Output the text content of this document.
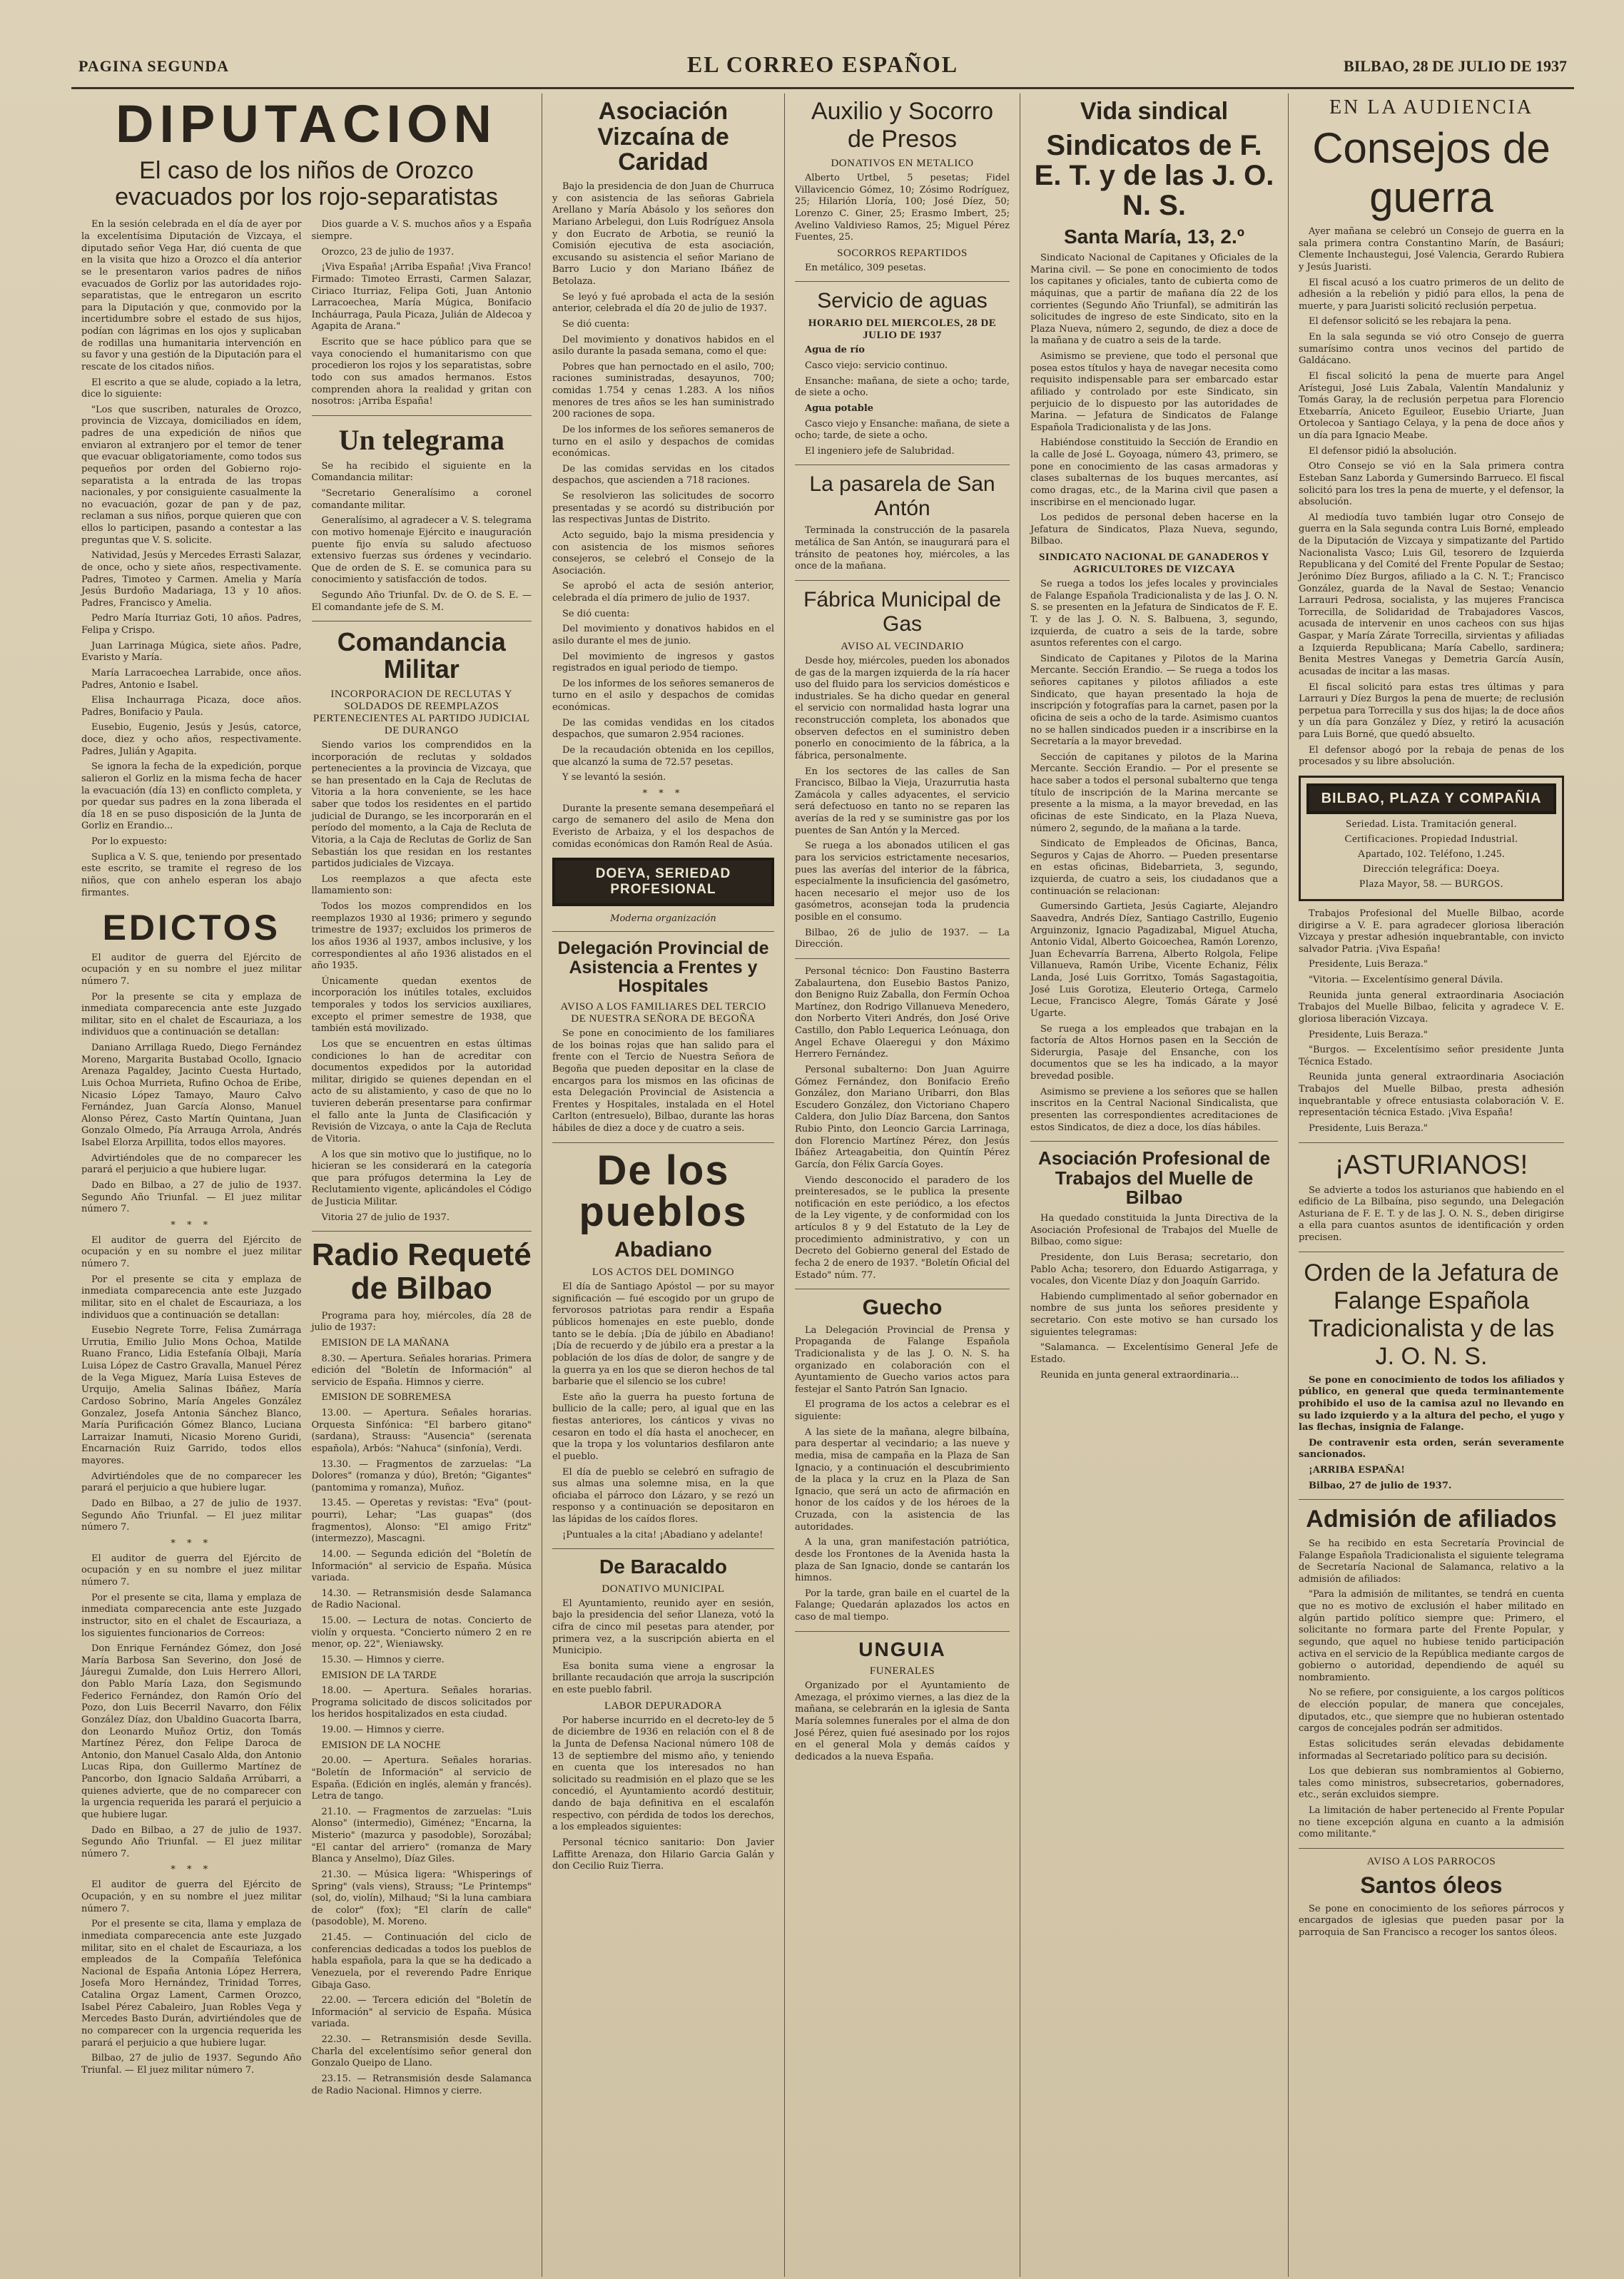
PAGINA SEGUNDA	EL CORREO ESPAÑOL	BILBAO, 28 DE JULIO DE 1937
DIPUTACION
El caso de los niños de Orozco evacuados por los rojo-separatistas

En la sesión celebrada en el día de ayer por la excelentísima Diputación de Vizcaya, el diputado señor Vega Har, dió cuenta de que en la visita que hizo a Orozco el día anterior se le presentaron varios padres de niños evacuados de Gorliz por las autoridades rojo-separatistas, que le entregaron un escrito para la Diputación y que, conmovido por la incertidumbre sobre el estado de sus hijos, podían con lágrimas en los ojos y suplicaban de rodillas una humanitaria intervención en su favor y una gestión de la Diputación para el rescate de los citados niños.

El escrito a que se alude, copiado a la letra, dice lo siguiente:

"Los que suscriben, naturales de Orozco, provincia de Vizcaya, domiciliados en ídem, padres de una expedición de niños que enviaron al extranjero por el temor de tener que evacuar obligatoriamente, como todos sus pequeños por orden del Gobierno rojo-separatista a la entrada de las tropas nacionales, y por consiguiente casualmente la no evacuación, gozar de pan y de paz, reclaman a sus niños, porque quieren que con ellos lo participen, pasando a contestar a las preguntas que V. S. solicite.

Natividad, Jesús y Mercedes Errasti Salazar, de once, ocho y siete años, respectivamente. Padres, Timoteo y Carmen. Amelia y María Jesús Burdoño Madariaga, 13 y 10 años. Padres, Francisco y Amelia.

Pedro María Iturriaz Goti, 10 años. Padres, Felipa y Crispo.

Juan Larrinaga Múgica, siete años. Padre, Evaristo y María.

María Larracoechea Larrabide, once años. Padres, Antonio e Isabel.

Elisa Inchaurraga Picaza, doce años. Padres, Bonifacio y Paula.

Eusebio, Eugenio, Jesús y Jesús, catorce, doce, diez y ocho años, respectivamente. Padres, Julián y Agapita.

Se ignora la fecha de la expedición, porque salieron el Gorliz en la misma fecha de hacer la evacuación (día 13) en conflicto completa, y por quedar sus padres en la zona liberada el día 18 en se puso disposición de la Junta de Gorliz en Erandio...

Por lo expuesto:

Suplica a V. S. que, teniendo por presentado este escrito, se tramite el regreso de los niños, que con anhelo esperan los abajo firmantes.

EDICTOS

El auditor de guerra del Ejército de ocupación y en su nombre el juez militar número 7.

Por la presente se cita y emplaza de inmediata comparecencia ante este Juzgado militar, sito en el chalet de Escauriaza, a los individuos que a continuación se detallan:

Daniano Arrillaga Ruedo, Diego Fernández Moreno, Margarita Bustabad Ocollo, Ignacio Arenaza Pagaldey, Jacinto Cuesta Hurtado, Luis Ochoa Murrieta, Rufino Ochoa de Eribe, Nicasio López Tamayo, Mauro Calvo Fernández, Juan García Alonso, Manuel Alonso Pérez, Casto Martín Quintana, Juan Gonzalo Olmedo, Pía Arrauga Arrola, Andrés Isabel Elorza Arpillita, todos ellos mayores.

Advirtiéndoles que de no comparecer les parará el perjuicio a que hubiere lugar.

Dado en Bilbao, a 27 de julio de 1937. Segundo Año Triunfal. — El juez militar número 7.

* * *

El auditor de guerra del Ejército de ocupación y en su nombre el juez militar número 7.

Por el presente se cita y emplaza de inmediata comparecencia ante este Juzgado militar, sito en el chalet de Escauriaza, a los individuos que a continuación se detallan:

Eusebio Negrete Torre, Felisa Zumárraga Urrutia, Emilio Julio Mons Ochoa, Matilde Ruano Franco, Lidia Estefanía Olbaji, María Luisa López de Castro Gravalla, Manuel Pérez de la Vega Miguez, María Luisa Esteves de Urquijo, Amelia Salinas Ibáñez, María Cardoso Sobrino, María Angeles González Gonzalez, Josefa Antonia Sánchez Blanco, María Purificación Gómez Blanco, Luciana Larraizar Inamuti, Nicasio Moreno Guridi, Encarnación Ruiz Garrido, todos ellos mayores.

Advirtiéndoles que de no comparecer les parará el perjuicio a que hubiere lugar.

Dado en Bilbao, a 27 de julio de 1937. Segundo Año Triunfal. — El juez militar número 7.

* * *

El auditor de guerra del Ejército de ocupación y en su nombre el juez militar número 7.

Por el presente se cita, llama y emplaza de inmediata comparecencia ante este Juzgado instructor, sito en el chalet de Escauriaza, a los siguientes funcionarios de Correos:

Don Enrique Fernández Gómez, don José María Barbosa San Severino, don José de Jáuregui Zumalde, don Luis Herrero Allori, don Pablo María Laza, don Segismundo Federico Fernández, don Ramón Orío del Pozo, don Luis Becerril Navarro, don Félix González Díaz, don Ubaldino Guacorta Ibarra, don Leonardo Muñoz Ortiz, don Tomás Martínez Pérez, don Felipe Daroca de Antonio, don Manuel Casalo Alda, don Antonio Lucas Ripa, don Guillermo Martínez de Pancorbo, don Ignacio Saldaña Arrúbarri, a quienes advierte, que de no comparecer con la urgencia requerida les parará el perjuicio a que hubiere lugar.

Dado en Bilbao, a 27 de julio de 1937. Segundo Año Triunfal. — El juez militar número 7.

* * *

El auditor de guerra del Ejército de Ocupación, y en su nombre el juez militar número 7.

Por el presente se cita, llama y emplaza de inmediata comparecencia ante este Juzgado militar, sito en el chalet de Escauriaza, a los empleados de la Compañía Telefónica Nacional de España Antonia López Herrera, Josefa Moro Hernández, Trinidad Torres, Catalina Orgaz Lament, Carmen Orozco, Isabel Pérez Cabaleiro, Juan Robles Vega y Mercedes Basto Durán, advirtiéndoles que de no comparecer con la urgencia requerida les parará el perjuicio a que hubiere lugar.

Bilbao, 27 de julio de 1937. Segundo Año Triunfal. — El juez militar número 7.

Dios guarde a V. S. muchos años y a España siempre.

Orozco, 23 de julio de 1937.

¡Viva España! ¡Arriba España! ¡Viva Franco! Firmado: Timoteo Errasti, Carmen Salazar, Ciriaco Iturriaz, Felipa Goti, Juan Antonio Larracoechea, María Múgica, Bonifacio Incháurraga, Paula Picaza, Julián de Aldecoa y Agapita de Arana."

Escrito que se hace público para que se vaya conociendo el humanitarismo con que procedieron los rojos y los separatistas, sobre todo con sus amados hermanos. Estos comprenden ahora la realidad y gritan con nosotros: ¡Arriba España!

Un telegrama

Se ha recibido el siguiente en la Comandancia militar:

"Secretario Generalísimo a coronel comandante militar.

Generalísimo, al agradecer a V. S. telegrama con motivo homenaje Ejército e inauguración puente fijo envía su saludo afectuoso extensivo fuerzas sus órdenes y vecindario. Que de orden de S. E. se comunica para su conocimiento y satisfacción de todos.

Segundo Año Triunfal. Dv. de O. de S. E. — El comandante jefe de S. M.

Comandancia Militar
INCORPORACION DE RECLUTAS Y SOLDADOS DE REEMPLAZOS PERTENECIENTES AL PARTIDO JUDICIAL DE DURANGO

Siendo varios los comprendidos en la incorporación de reclutas y soldados pertenecientes a la provincia de Vizcaya, que se han presentado en la Caja de Reclutas de Vitoria a la hora conveniente, se les hace saber que todos los residentes en el partido judicial de Durango, se les incorporarán en el período del momento, a la Caja de Recluta de Vitoria, a la Caja de Reclutas de Gorliz de San Sebastián los que residan en los restantes partidos judiciales de Vizcaya.

Los reemplazos a que afecta este llamamiento son:

Todos los mozos comprendidos en los reemplazos 1930 al 1936; primero y segundo trimestre de 1937; excluidos los primeros de los años 1936 al 1937, ambos inclusive, y los correspondientes al año 1936 alistados en el año 1935.

Únicamente quedan exentos de incorporación los inútiles totales, excluidos temporales y todos los servicios auxiliares, excepto el primer semestre de 1938, que también está movilizado.

Los que se encuentren en estas últimas condiciones lo han de acreditar con documentos expedidos por la autoridad militar, dirigido se quienes dependan en el acto de su alistamiento, y caso de que no lo tuvieren deberán presentarse para confirmar el fallo ante la Junta de Clasificación y Revisión de Vizcaya, o ante la Caja de Recluta de Vitoria.

A los que sin motivo que lo justifique, no lo hicieran se les considerará en la categoría que para prófugos determina la Ley de Reclutamiento vigente, aplicándoles el Código de Justicia Militar.

Vitoria 27 de julio de 1937.

Radio Requeté de Bilbao

Programa para hoy, miércoles, día 28 de julio de 1937:

EMISION DE LA MAÑANA

8.30. — Apertura. Señales horarias. Primera edición del "Boletín de Información" al servicio de España. Himnos y cierre.

EMISION DE SOBREMESA

13.00. — Apertura. Señales horarias. Orquesta Sinfónica: "El barbero gitano" (sardana), Strauss: "Ausencia" (serenata española), Arbós: "Nahuca" (sinfonía), Verdi.

13.30. — Fragmentos de zarzuelas: "La Dolores" (romanza y dúo), Bretón; "Gigantes" (pantomima y romanza), Muñoz.

13.45. — Operetas y revistas: "Eva" (pout-pourri), Lehar; "Las guapas" (dos fragmentos), Alonso: "El amigo Fritz" (intermezzo), Mascagni.

14.00. — Segunda edición del "Boletín de Información" al servicio de España. Música variada.

14.30. — Retransmisión desde Salamanca de Radio Nacional.

15.00. — Lectura de notas. Concierto de violín y orquesta. "Concierto número 2 en re menor, op. 22", Wieniawsky.

15.30. — Himnos y cierre.

EMISION DE LA TARDE

18.00. — Apertura. Señales horarias. Programa solicitado de discos solicitados por los heridos hospitalizados en esta ciudad.

19.00. — Himnos y cierre.

EMISION DE LA NOCHE

20.00. — Apertura. Señales horarias. "Boletín de Información" al servicio de España. (Edición en inglés, alemán y francés). Letra de tango.

21.10. — Fragmentos de zarzuelas: "Luis Alonso" (intermedio), Giménez; "Encarna, la Misterio" (mazurca y pasodoble), Sorozábal; "El cantar del arriero" (romanza de Mary Blanca y Anselmo), Díaz Giles.

21.30. — Música ligera: "Whisperings of Spring" (vals viens), Strauss; "Le Printemps" (sol, do, violín), Milhaud; "Si la luna cambiara de color" (fox); "El clarín de calle" (pasodoble), M. Moreno.

21.45. — Continuación del ciclo de conferencias dedicadas a todos los pueblos de habla española, para la que se ha dedicado a Venezuela, por el reverendo Padre Enrique Gibaja Gaso.

22.00. — Tercera edición del "Boletín de Información" al servicio de España. Música variada.

22.30. — Retransmisión desde Sevilla. Charla del excelentísimo señor general don Gonzalo Queipo de Llano.

23.15. — Retransmisión desde Salamanca de Radio Nacional. Himnos y cierre.

Asociación Vizcaína de Caridad

Bajo la presidencia de don Juan de Churruca y con asistencia de las señoras Gabriela Arellano y María Abásolo y los señores don Mariano Arbelegui, don Luis Rodríguez Ansola y don Eucrato de Arbotia, se reunió la Comisión ejecutiva de esta asociación, excusando su asistencia el señor Mariano de Barro Lucio y don Mariano Ibáñez de Betolaza.

Se leyó y fué aprobada el acta de la sesión anterior, celebrada el día 20 de julio de 1937.

Se dió cuenta:

Del movimiento y donativos habidos en el asilo durante la pasada semana, como el que:

Pobres que han pernoctado en el asilo, 700; raciones suministradas, desayunos, 700; comidas 1.754 y cenas 1.283. A los niños menores de tres años se les han suministrado 200 raciones de sopa.

De los informes de los señores semaneros de turno en el asilo y despachos de comidas económicas.

De las comidas servidas en los citados despachos, que ascienden a 718 raciones.

Se resolvieron las solicitudes de socorro presentadas y se acordó su distribución por las respectivas Juntas de Distrito.

Acto seguido, bajo la misma presidencia y con asistencia de los mismos señores consejeros, se celebró el Consejo de la Asociación.

Se aprobó el acta de sesión anterior, celebrada el día primero de julio de 1937.

Se dió cuenta:

Del movimiento y donativos habidos en el asilo durante el mes de junio.

Del movimiento de ingresos y gastos registrados en igual periodo de tiempo.

De los informes de los señores semaneros de turno en el asilo y despachos de comidas económicas.

De las comidas vendidas en los citados despachos, que sumaron 2.954 raciones.

De la recaudación obtenida en los cepillos, que alcanzó la suma de 72.57 pesetas.

Y se levantó la sesión.

* * *

Durante la presente semana desempeñará el cargo de semanero del asilo de Mena don Everisto de Arbaiza, y el los despachos de comidas económicas don Ramón Real de Asúa.

DOEYA, SERIEDAD PROFESIONAL
Moderna organización
Delegación Provincial de Asistencia a Frentes y Hospitales
AVISO A LOS FAMILIARES DEL TERCIO DE NUESTRA SEÑORA DE BEGOÑA

Se pone en conocimiento de los familiares de los boinas rojas que han salido para el frente con el Tercio de Nuestra Señora de Begoña que pueden depositar en la clase de encargos para los mismos en las oficinas de esta Delegación Provincial de Asistencia a Frentes y Hospitales, instalada en el Hotel Carlton (entresuelo), Bilbao, durante las horas hábiles de diez a doce y de cuatro a seis.

De los pueblos
Abadiano
LOS ACTOS DEL DOMINGO

El día de Santiago Apóstol — por su mayor significación — fué escogido por un grupo de fervorosos patriotas para rendir a España públicos homenajes en este pueblo, donde tanto se le debía. ¡Día de júbilo en Abadiano! ¡Día de recuerdo y de júbilo era a prestar a la población de los días de dolor, de sangre y de la guerra ya en los que se dieron hechos de tal barbarie que el silencio se los cubre!

Este año la guerra ha puesto fortuna de bullicio de la calle; pero, al igual que en las fiestas anteriores, los cánticos y vivas no cesaron en todo el día hasta el anochecer, en que la tropa y los voluntarios desfilaron ante el pueblo.

El día de pueblo se celebró en sufragio de sus almas una solemne misa, en la que oficiaba el párroco don Lázaro, y se rezó un responso y a continuación se depositaron en las lápidas de los caídos flores.

¡Puntuales a la cita! ¡Abadiano y adelante!

De Baracaldo
DONATIVO MUNICIPAL

El Ayuntamiento, reunido ayer en sesión, bajo la presidencia del señor Llaneza, votó la cifra de cinco mil pesetas para atender, por primera vez, a la suscripción abierta en el Municipio.

Esa bonita suma viene a engrosar la brillante recaudación que arroja la suscripción en este pueblo fabril.

LABOR DEPURADORA

Por haberse incurrido en el decreto-ley de 5 de diciembre de 1936 en relación con el 8 de la Junta de Defensa Nacional número 108 de 13 de septiembre del mismo año, y teniendo en cuenta que los interesados no han solicitado su readmisión en el plazo que se les concedió, el Ayuntamiento acordó destituir, dando de baja definitiva en el escalafón respectivo, con pérdida de todos los derechos, a los empleados siguientes:

Personal técnico sanitario: Don Javier Laffitte Arenaza, don Hilario Garcia Galán y don Cecilio Ruiz Tierra.

Auxilio y Socorro de Presos
DONATIVOS EN METALICO

Alberto Urtbel, 5 pesetas; Fidel Villavicencio Gómez, 10; Zósimo Rodríguez, 25; Hilarión Lloría, 100; José Díez, 50; Lorenzo C. Giner, 25; Erasmo Imbert, 25; Avelino Valdivieso Ramos, 25; Miguel Pérez Fuentes, 25.

SOCORROS REPARTIDOS

En metálico, 309 pesetas.

Servicio de aguas
HORARIO DEL MIERCOLES, 28 DE JULIO DE 1937

Agua de río

Casco viejo: servicio continuo.

Ensanche: mañana, de siete a ocho; tarde, de siete a ocho.

Agua potable

Casco viejo y Ensanche: mañana, de siete a ocho; tarde, de siete a ocho.

El ingeniero jefe de Salubridad.

La pasarela de San Antón

Terminada la construcción de la pasarela metálica de San Antón, se inaugurará para el tránsito de peatones hoy, miércoles, a las once de la mañana.

Fábrica Municipal de Gas
AVISO AL VECINDARIO

Desde hoy, miércoles, pueden los abonados de gas de la margen izquierda de la ría hacer uso del fluido para los servicios domésticos e industriales. Se ha dicho quedar en general el servicio con normalidad hasta lograr una reconstrucción completa, los abonados que observen defectos en el suministro deben ponerlo en conocimiento de la fábrica, a la fábrica, personalmente.

En los sectores de las calles de San Francisco, Bilbao la Vieja, Urazurrutia hasta Zamácola y calles adyacentes, el servicio será defectuoso en tanto no se reparen las averías de la red y se suministre gas por los puentes de San Antón y la Merced.

Se ruega a los abonados utilicen el gas para los servicios estrictamente necesarios, pues las averías del interior de la fábrica, especialmente la insuficiencia del gasómetro, hacen necesario el mejor uso de los gasómetros, aconsejan toda la prudencia posible en el consumo.

Bilbao, 26 de julio de 1937. — La Dirección.

Personal técnico: Don Faustino Basterra Zabalaurtena, don Eusebio Bastos Panizo, don Benigno Ruiz Zaballa, don Fermín Ochoa Martínez, don Rodrigo Villanueva Menedero, don Norberto Viteri Andrés, don José Orive Castillo, don Pablo Lequerica Leónuaga, don Angel Echave Olaeregui y don Máximo Herrero Fernández.

Personal subalterno: Don Juan Aguirre Gómez Fernández, don Bonifacio Ereño González, don Mariano Uribarri, don Blas Escudero González, don Victoriano Chapero Caldera, don Julio Díaz Barcena, don Santos Rubio Pinto, don Leoncio Garcia Larrinaga, don Florencio Martínez Pérez, don Jesús Ibáñez Arteagabeitia, don Quintín Pérez García, don Félix García Goyes.

Viendo desconocido el paradero de los preinteresados, se le publica la presente notificación en este periódico, a los efectos de la Ley vigente, y de conformidad con los artículos 8 y 9 del Estatuto de la Ley de procedimiento administrativo, y con un Decreto del Gobierno general del Estado de fecha 2 de enero de 1937. "Boletín Oficial del Estado" núm. 77.

Guecho

La Delegación Provincial de Prensa y Propaganda de Falange Española Tradicionalista y de las J. O. N. S. ha organizado en colaboración con el Ayuntamiento de Guecho varios actos para festejar el Santo Patrón San Ignacio.

El programa de los actos a celebrar es el siguiente:

A las siete de la mañana, alegre bilbaína, para despertar al vecindario; a las nueve y media, misa de campaña en la Plaza de San Ignacio, y a continuación el descubrimiento de la placa y la cruz en la Plaza de San Ignacio, que será un acto de afirmación en honor de los caídos y de los héroes de la Cruzada, con la asistencia de las autoridades.

A la una, gran manifestación patriótica, desde los Frontones de la Avenida hasta la plaza de San Ignacio, donde se cantarán los himnos.

Por la tarde, gran baile en el cuartel de la Falange; Quedarán aplazados los actos en caso de mal tiempo.

UNGUIA
FUNERALES

Organizado por el Ayuntamiento de Amezaga, el próximo viernes, a las diez de la mañana, se celebrarán en la iglesia de Santa María solemnes funerales por el alma de don José Pérez, quien fué asesinado por los rojos en el general Mola y demás caídos y dedicados a la nueva España.

Vida sindical
Sindicatos de F. E. T. y de las J. O. N. S.
Santa María, 13, 2.º

Sindicato Nacional de Capitanes y Oficiales de la Marina civil. — Se pone en conocimiento de todos los capitanes y oficiales, tanto de cubierta como de máquinas, que a partir de mañana día 22 de los corrientes (Segundo Año Triunfal), se admitirán las solicitudes de ingreso de este Sindicato, sito en la Plaza Nueva, número 2, segundo, de diez a doce de la mañana y de cuatro a seis de la tarde.

Asimismo se previene, que todo el personal que posea estos títulos y haya de navegar necesita como requisito indispensable para ser embarcado estar afiliado y controlado por este Sindicato, sin perjuicio de lo dispuesto por las autoridades de Marina. — Jefatura de Sindicatos de Falange Española Tradicionalista y de las Jons.

Habiéndose constituido la Sección de Erandio en la calle de José L. Goyoaga, número 43, primero, se pone en conocimiento de las casas armadoras y clases subalternas de los buques mercantes, así como dragas, etc., de la Marina civil que pasen a inscribirse en el mencionado lugar.

Los pedidos de personal deben hacerse en la Jefatura de Sindicatos, Plaza Nueva, segundo, Bilbao.

SINDICATO NACIONAL DE GANADEROS Y AGRICULTORES DE VIZCAYA

Se ruega a todos los jefes locales y provinciales de Falange Española Tradicionalista y de las J. O. N. S. se presenten en la Jefatura de Sindicatos de F. E. T. y de las J. O. N. S. Balbuena, 3, segundo, izquierda, de cuatro a seis de la tarde, sobre asuntos referentes con el cargo.

Sindicato de Capitanes y Pilotos de la Marina Mercante. Sección Erandio. — Se ruega a todos los señores capitanes y pilotos afiliados a este Sindicato, que hayan presentado la hoja de inscripción y fotografías para la carnet, pasen por la oficina de seis a ocho de la tarde. Asimismo cuantos no se hallen sindicados pueden ir a inscribirse en la Secretaría a la mayor brevedad.

Sección de capitanes y pilotos de la Marina Mercante. Sección Erandio. — Por el presente se hace saber a todos el personal subalterno que tenga título de inscripción de la Marina mercante se presente a la misma, a la mayor brevedad, en las oficinas de este Sindicato, en la Plaza Nueva, número 2, segundo, de la mañana a la tarde.

Sindicato de Empleados de Oficinas, Banca, Seguros y Cajas de Ahorro. — Pueden presentarse en estas oficinas, Bidebarrieta, 3, segundo, izquierda, de cuatro a seis, los ciudadanos que a continuación se relacionan:

Gumersindo Gartieta, Jesús Cagiarte, Alejandro Saavedra, Andrés Díez, Santiago Castrillo, Eugenio Arguinzoniz, Ignacio Pagadizabal, Miguel Atucha, Antonio Vidal, Alberto Goicoechea, Ramón Lorenzo, Juan Echevarría Barrena, Alberto Rolgola, Felipe Villanueva, Ramón Uribe, Vicente Echaniz, Félix Landa, José Luis Gorritxo, Tomás Sagastagoitia, José Luis Gorotiza, Eleuterio Ortega, Carmelo Lecue, Francisco Alegre, Tomás Gárate y José Ugarte.

Se ruega a los empleados que trabajan en la factoría de Altos Hornos pasen en la Sección de Siderurgia, Pasaje del Ensanche, con los documentos que se les ha indicado, a la mayor brevedad posible.

Asimismo se previene a los señores que se hallen inscritos en la Central Nacional Sindicalista, que presenten las correspondientes acreditaciones de estos Sindicatos, de diez a doce, los días hábiles.

Asociación Profesional de Trabajos del Muelle de Bilbao

Ha quedado constituida la Junta Directiva de la Asociación Profesional de Trabajos del Muelle de Bilbao, como sigue:

Presidente, don Luis Berasa; secretario, don Pablo Acha; tesorero, don Eduardo Astigarraga, y vocales, don Vicente Díaz y don Joaquín Garrido.

Habiendo cumplimentado al señor gobernador en nombre de sus junta los señores presidente y secretario. Con este motivo se han cursado los siguientes telegramas:

"Salamanca. — Excelentísimo General Jefe de Estado.

Reunida en junta general extraordinaria...

EN LA AUDIENCIA
Consejos de guerra

Ayer mañana se celebró un Consejo de guerra en la sala primera contra Constantino Marín, de Basáuri; Clemente Inchaustegui, José Valencia, Gerardo Rubiera y Jesús Juaristi.

El fiscal acusó a los cuatro primeros de un delito de adhesión a la rebelión y pidió para ellos, la pena de muerte, y para Juaristi solicitó reclusión perpetua.

El defensor solicitó se les rebajara la pena.

En la sala segunda se vió otro Consejo de guerra sumarísimo contra unos vecinos del partido de Galdácano.

El fiscal solicitó la pena de muerte para Angel Arístegui, José Luis Zabala, Valentín Mandaluniz y Tomás Garay, la de reclusión perpetua para Florencio Etxebarría, Aniceto Eguileor, Eusebio Uriarte, Juan Ortolecoa y Santiago Celaya, y la pena de doce años y un día para Ignacio Meabe.

El defensor pidió la absolución.

Otro Consejo se vió en la Sala primera contra Esteban Sanz Laborda y Gumersindo Barrueco. El fiscal solicitó para los tres la pena de muerte, y el defensor, la absolución.

Al mediodía tuvo también lugar otro Consejo de guerra en la Sala segunda contra Luis Borné, empleado de la Diputación de Vizcaya y simpatizante del Partido Nacionalista Vasco; Luis Gil, tesorero de Izquierda Republicana y del Comité del Frente Popular de Sestao; Jerónimo Díez Burgos, afiliado a la C. N. T.; Francisco González, guarda de la Naval de Sestao; Venancio Larrauri Pedrosa, socialista, y las mujeres Francisca Torrecilla, de Solidaridad de Trabajadores Vascos, acusada de intervenir en unos cacheos con sus hijas Gaspar, y María Zárate Torrecilla, sirvientas y afiliadas a Izquierda Republicana; María Cabello, sardinera; Benita Mestres Vanegas y Demetria García Ausín, acusadas de incitar a las masas.

El fiscal solicitó para estas tres últimas y para Larrauri y Díez Burgos la pena de muerte; de reclusión perpetua para Torrecilla y sus dos hijas; la de doce años y un día para González y Díez, y retiró la acusación para Luis Borné, que quedó absuelto.

El defensor abogó por la rebaja de penas de los procesados y su libre absolución.

BILBAO, PLAZA Y COMPAÑIA
Seriedad. Lista. Tramitación general.
Certificaciones. Propiedad Industrial.
Apartado, 102. Teléfono, 1.245.
Dirección telegráfica: Doeya.
Plaza Mayor, 58. — BURGOS.

Trabajos Profesional del Muelle Bilbao, acorde dirigirse a V. E. para agradecer gloriosa liberación Vizcaya y prestar adhesión inquebrantable, con invicto salvador Patria. ¡Viva España!

Presidente, Luis Beraza."

"Vitoria. — Excelentísimo general Dávila.

Reunida junta general extraordinaria Asociación Trabajos del Muelle Bilbao, felicita y agradece V. E. gloriosa liberación Vizcaya.

Presidente, Luis Beraza."

"Burgos. — Excelentísimo señor presidente Junta Técnica Estado.

Reunida junta general extraordinaria Asociación Trabajos del Muelle Bilbao, presta adhesión inquebrantable y ofrece entusiasta colaboración V. E. representación técnica Estado. ¡Viva España!

Presidente, Luis Beraza."

¡ASTURIANOS!

Se advierte a todos los asturianos que habiendo en el edificio de La Bilbaína, piso segundo, una Delegación Asturiana de F. E. T. y de las J. O. N. S., deben dirigirse a ella para cuantos asuntos de identificación y orden precisen.

Orden de la Jefatura de Falange Española Tradicionalista y de las J. O. N. S.

Se pone en conocimiento de todos los afiliados y público, en general que queda terminantemente prohibido el uso de la camisa azul no llevando en su lado izquierdo y a la altura del pecho, el yugo y las flechas, insignia de Falange.

De contravenir esta orden, serán severamente sancionados.

¡ARRIBA ESPAÑA!

Bilbao, 27 de julio de 1937.

Admisión de afiliados

Se ha recibido en esta Secretaría Provincial de Falange Española Tradicionalista el siguiente telegrama de Secretaría Nacional de Salamanca, relativo a la admisión de afiliados:

"Para la admisión de militantes, se tendrá en cuenta que no es motivo de exclusión el haber militado en algún partido político siempre que: Primero, el solicitante no formara parte del Frente Popular, y segundo, que aquel no hubiese tenido participación activa en el servicio de la República mediante cargos de gobierno o autoridad, dependiendo de aquél su nombramiento.

No se refiere, por consiguiente, a los cargos políticos de elección popular, de manera que concejales, diputados, etc., que siempre que no hubieran ostentado cargos de concejales podrán ser admitidos.

Estas solicitudes serán elevadas debidamente informadas al Secretariado político para su decisión.

Los que debieran sus nombramientos al Gobierno, tales como ministros, subsecretarios, gobernadores, etc., serán excluidos siempre.

La limitación de haber pertenecido al Frente Popular no tiene excepción alguna en cuanto a la admisión como militante."

AVISO A LOS PARROCOS
Santos óleos

Se pone en conocimiento de los señores párrocos y encargados de iglesias que pueden pasar por la parroquia de San Francisco a recoger los santos óleos.
